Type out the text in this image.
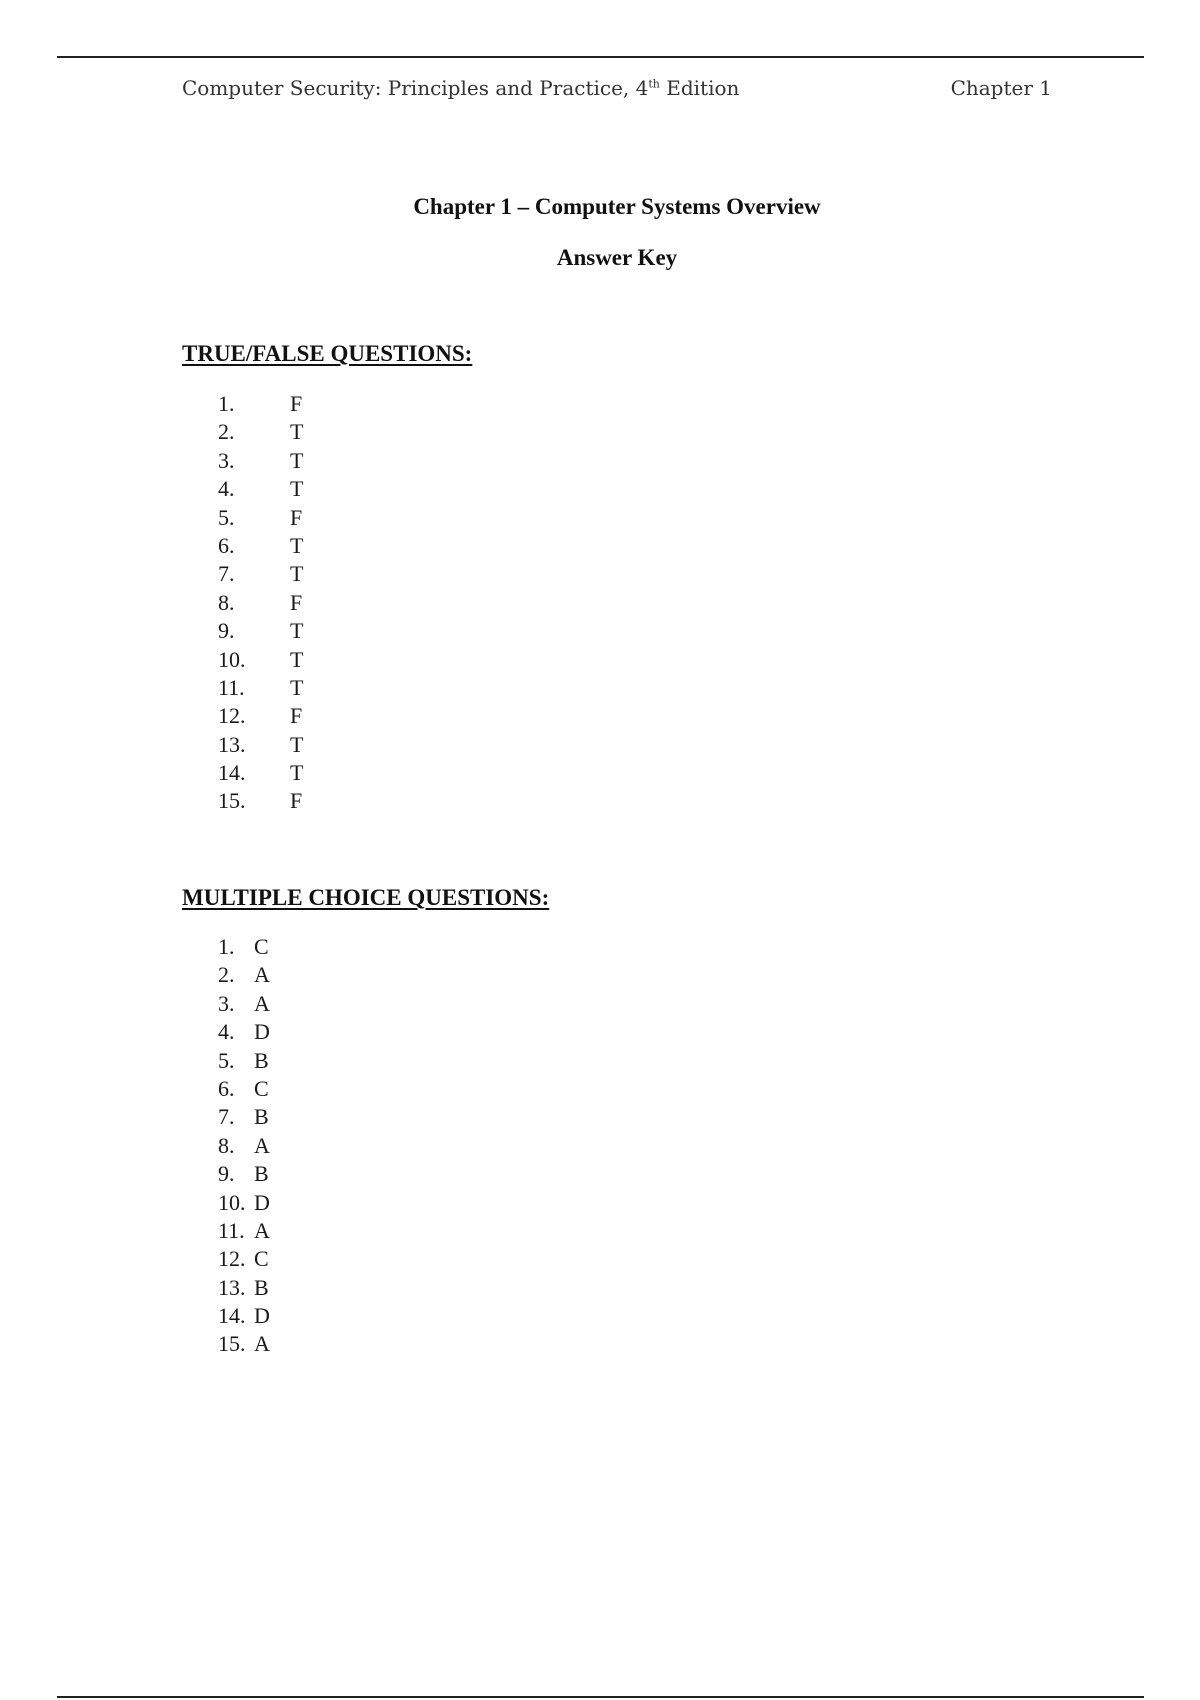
Computer Security: Principles and Practice, 4th Edition	Chapter 1
Chapter 1 – Computer Systems Overview
Answer Key
TRUE/FALSE QUESTIONS:
1.	F
2.	T
3.	T
4.	T
5.	F
6.	T
7.	T
8.	F
9.	T
10.	T
11.	T
12.	F
13.	T
14.	T
15.	F
MULTIPLE CHOICE QUESTIONS:
1. C
2. A
3. A
4. D
5. B
6. C
7. B
8. A
9. B
10. D
11. A
12. C
13. B
14. D
15. A
